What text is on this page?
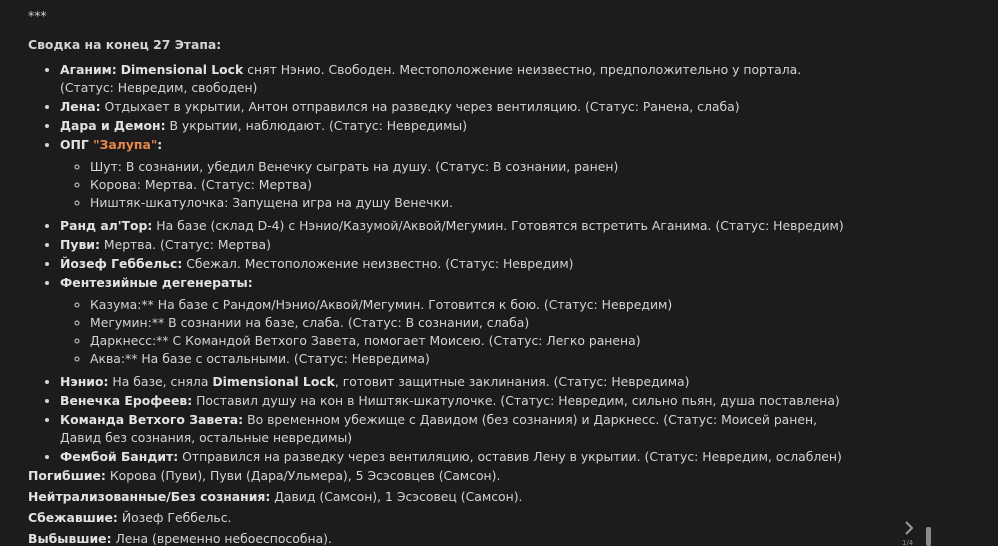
***
Сводка на конец 27 Этапа:
• Аганим: Dimensional Lock снят Нэнио. Свободен. Местоположение неизвестно, предположительно у портала. (Статус: Невредим, свободен)
• Лена: Отдыхает в укрытии, Антон отправился на разведку через вентиляцию. (Статус: Ранена, слаба)
• Дара и Демон: В укрытии, наблюдают. (Статус: Невредимы)
• ОПГ "Залупа":
◦ Шут: В сознании, убедил Венечку сыграть на душу. (Статус: В сознании, ранен)
◦ Корова: Мертва. (Статус: Мертва)
◦ Ништяк-шкатулочка: Запущена игра на душу Венечки.
• Ранд ал'Тор: На базе (склад D-4) с Нэнио/Казумой/Аквой/Мегумин. Готовятся встретить Аганима. (Статус: Невредим)
• Пуви: Мертва. (Статус: Мертва)
• Йозеф Геббельс: Сбежал. Местоположение неизвестно. (Статус: Невредим)
• Фентезийные дегенераты:
◦ Казума:** На базе с Рандом/Нэнио/Аквой/Мегумин. Готовится к бою. (Статус: Невредим)
◦ Мегумин:** В сознании на базе, слаба. (Статус: В сознании, слаба)
◦ Даркнесс:** С Командой Ветхого Завета, помогает Моисею. (Статус: Легко ранена)
◦ Аква:** На базе с остальными. (Статус: Невредима)
• Нэнио: На базе, сняла Dimensional Lock, готовит защитные заклинания. (Статус: Невредима)
• Венечка Ерофеев: Поставил душу на кон в Ништяк-шкатулочке. (Статус: Невредим, сильно пьян, душа поставлена)
• Команда Ветхого Завета: Во временном убежище с Давидом (без сознания) и Даркнесс. (Статус: Моисей ранен, Давид без сознания, остальные невредимы)
• Фембой Бандит: Отправился на разведку через вентиляцию, оставив Лену в укрытии. (Статус: Невредим, ослаблен)

Погибшие: Корова (Пуви), Пуви (Дара/Ульмера), 5 Эсэсовцев (Самсон).

Нейтрализованные/Без сознания: Давид (Самсон), 1 Эсэсовец (Самсон).

Сбежавшие: Йозеф Геббельс.

Выбывшие: Лена (временно небоеспособна).	1/4
